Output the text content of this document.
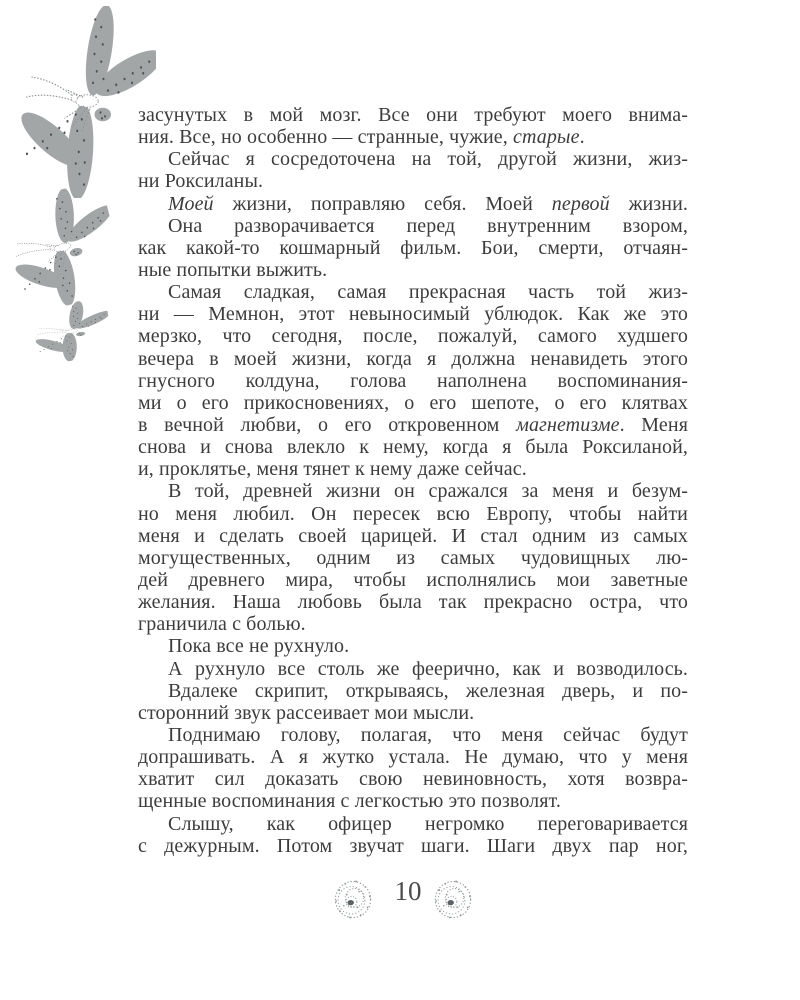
засунутых в мой мозг. Все они требуют моего внима-
ния. Все, но особенно — странные, чужие, старые.
Сейчас я сосредоточена на той, другой жизни, жиз-
ни Роксиланы.
Моей жизни, поправляю себя. Моей первой жизни.
Она разворачивается перед внутренним взором,
как какой-то кошмарный фильм. Бои, смерти, отчаян-
ные попытки выжить.
Самая сладкая, самая прекрасная часть той жиз-
ни — Мемнон, этот невыносимый ублюдок. Как же это
мерзко, что сегодня, после, пожалуй, самого худшего
вечера в моей жизни, когда я должна ненавидеть этого
гнусного колдуна, голова наполнена воспоминания-
ми о его прикосновениях, о его шепоте, о его клятвах
в вечной любви, о его откровенном магнетизме. Меня
снова и снова влекло к нему, когда я была Роксиланой,
и, проклятье, меня тянет к нему даже сейчас.
В той, древней жизни он сражался за меня и безум-
но меня любил. Он пересек всю Европу, чтобы найти
меня и сделать своей царицей. И стал одним из самых
могущественных, одним из самых чудовищных лю-
дей древнего мира, чтобы исполнялись мои заветные
желания. Наша любовь была так прекрасно остра, что
граничила с болью.
Пока все не рухнуло.
А рухнуло все столь же феерично, как и возводилось.
Вдалеке скрипит, открываясь, железная дверь, и по-
сторонний звук рассеивает мои мысли.
Поднимаю голову, полагая, что меня сейчас будут
допрашивать. А я жутко устала. Не думаю, что у меня
хватит сил доказать свою невиновность, хотя возвра-
щенные воспоминания с легкостью это позволят.
Слышу, как офицер негромко переговаривается
с дежурным. Потом звучат шаги. Шаги двух пар ног,
10
